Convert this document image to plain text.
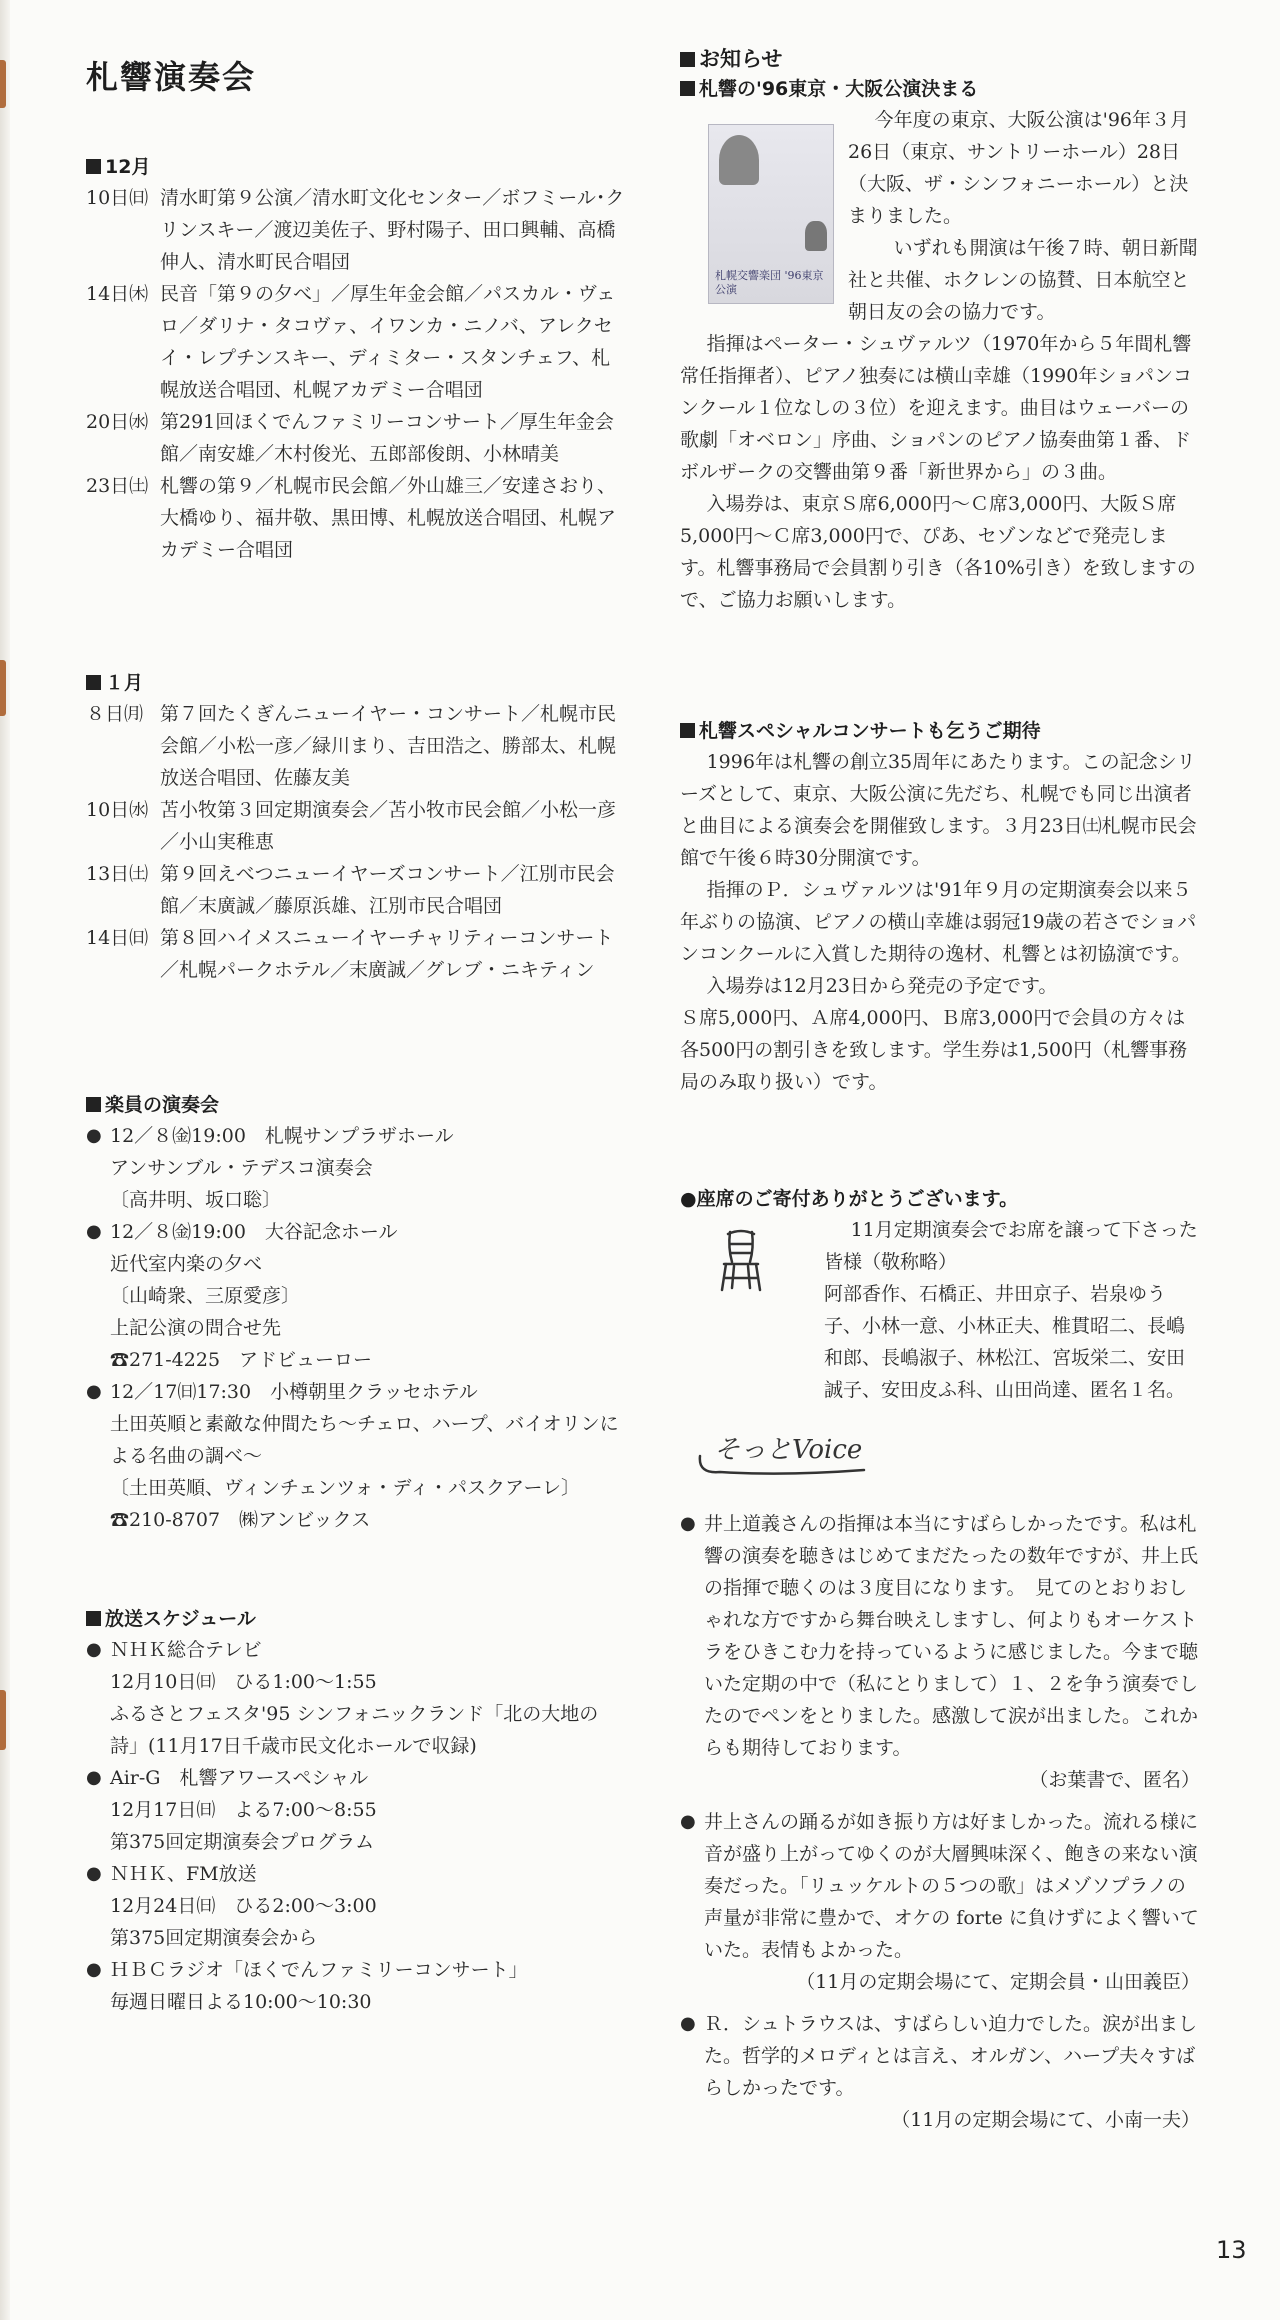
札響演奏会
12月
10日㈰ 清水町第９公演／清水町文化センター／ボフミール･クリンスキー／渡辺美佐子、野村陽子、田口興輔、高橋伸人、清水町民合唱団
14日㈭ 民音「第９の夕べ」／厚生年金会館／パスカル・ヴェロ／ダリナ・タコヴァ、イワンカ・ニノバ、アレクセイ・レプチンスキー、ディミター・スタンチェフ、札幌放送合唱団、札幌アカデミー合唱団
20日㈬ 第291回ほくでんファミリーコンサート／厚生年金会館／南安雄／木村俊光、五郎部俊朗、小林晴美
23日㈯ 札響の第９／札幌市民会館／外山雄三／安達さおり、大橋ゆり、福井敬、黒田博、札幌放送合唱団、札幌アカデミー合唱団
１月
８日㈪ 第７回たくぎんニューイヤー・コンサート／札幌市民会館／小松一彦／緑川まり、吉田浩之、勝部太、札幌放送合唱団、佐藤友美
10日㈬ 苫小牧第３回定期演奏会／苫小牧市民会館／小松一彦／小山実稚恵
13日㈯ 第９回えべつニューイヤーズコンサート／江別市民会館／末廣誠／藤原浜雄、江別市民合唱団
14日㈰ 第８回ハイメスニューイヤーチャリティーコンサート／札幌パークホテル／末廣誠／グレブ・ニキティン
楽員の演奏会
● 12／８㈮19:00　札幌サンプラザホール
アンサンブル・テデスコ演奏会
〔高井明、坂口聡〕
● 12／８㈮19:00　大谷記念ホール
近代室内楽の夕べ
〔山崎衆、三原愛彦〕
上記公演の問合せ先
☎271-4225　アドビューロー
● 12／17㈰17:30　小樽朝里クラッセホテル
土田英順と素敵な仲間たち〜チェロ、ハープ、バイオリンによる名曲の調べ〜
〔土田英順、ヴィンチェンツォ・ディ・パスクアーレ〕
☎210-8707　㈱アンビックス
放送スケジュール
● ＮＨＫ総合テレビ
12月10日㈰　ひる1:00〜1:55
ふるさとフェスタ'95 シンフォニックランド「北の大地の詩」(11月17日千歳市民文化ホールで収録)
● Air-G　札響アワースペシャル
12月17日㈰　よる7:00〜8:55
第375回定期演奏会プログラム
● ＮＨＫ、FM放送
12月24日㈰　ひる2:00〜3:00
第375回定期演奏会から
● ＨＢＣラジオ「ほくでんファミリーコンサート」
毎週日曜日よる10:00〜10:30
札幌交響楽団 '96東京公演
お知らせ
札響の'96東京・大阪公演決まる

今年度の東京、大阪公演は'96年３月26日（東京、サントリーホール）28日（大阪、ザ・シンフォニーホール）と決まりました。

いずれも開演は午後７時、朝日新聞社と共催、ホクレンの協賛、日本航空と朝日友の会の協力です。

指揮はペーター・シュヴァルツ（1970年から５年間札響常任指揮者）、ピアノ独奏には横山幸雄（1990年ショパンコンクール１位なしの３位）を迎えます。曲目はウェーバーの歌劇「オベロン」序曲、ショパンのピアノ協奏曲第１番、ドボルザークの交響曲第９番「新世界から」の３曲。

入場券は、東京Ｓ席6,000円〜Ｃ席3,000円、大阪Ｓ席5,000円〜Ｃ席3,000円で、ぴあ、セゾンなどで発売します。札響事務局で会員割り引き（各10%引き）を致しますので、ご協力お願いします。

札響スペシャルコンサートも乞うご期待

1996年は札響の創立35周年にあたります。この記念シリーズとして、東京、大阪公演に先だち、札幌でも同じ出演者と曲目による演奏会を開催致します。３月23日㈯札幌市民会館で午後６時30分開演です。

指揮のＰ．シュヴァルツは'91年９月の定期演奏会以来５年ぶりの協演、ピアノの横山幸雄は弱冠19歳の若さでショパンコンクールに入賞した期待の逸材、札響とは初協演です。

入場券は12月23日から発売の予定です。

Ｓ席5,000円、Ａ席4,000円、Ｂ席3,000円で会員の方々は各500円の割引きを致します。学生券は1,500円（札響事務局のみ取り扱い）です。

●座席のご寄付ありがとうございます。

11月定期演奏会でお席を譲って下さった皆様（敬称略）

阿部香作、石橋正、井田京子、岩泉ゆう子、小林一意、小林正夫、椎貫昭二、長嶋和郎、長嶋淑子、林松江、宮坂栄二、安田誠子、安田皮ふ科、山田尚達、匿名１名。

● 井上道義さんの指揮は本当にすばらしかったです。私は札響の演奏を聴きはじめてまだたったの数年ですが、井上氏の指揮で聴くのは３度目になります。　見てのとおりおしゃれな方ですから舞台映えしますし、何よりもオーケストラをひきこむ力を持っているように感じました。今まで聴いた定期の中で（私にとりまして）１、２を争う演奏でしたのでペンをとりました。感激して涙が出ました。これからも期待しております。
（お葉書で、匿名）
● 井上さんの踊るが如き振り方は好ましかった。流れる様に音が盛り上がってゆくのが大層興味深く、飽きの来ない演奏だった。「リュッケルトの５つの歌」はメゾソプラノの声量が非常に豊かで、オケの forte に負けずによく響いていた。表情もよかった。
（11月の定期会場にて、定期会員・山田義臣）
● Ｒ．シュトラウスは、すばらしい迫力でした。涙が出ました。哲学的メロディとは言え、オルガン、ハープ夫々すばらしかったです。
（11月の定期会場にて、小南一夫）
そっとVoice
13
